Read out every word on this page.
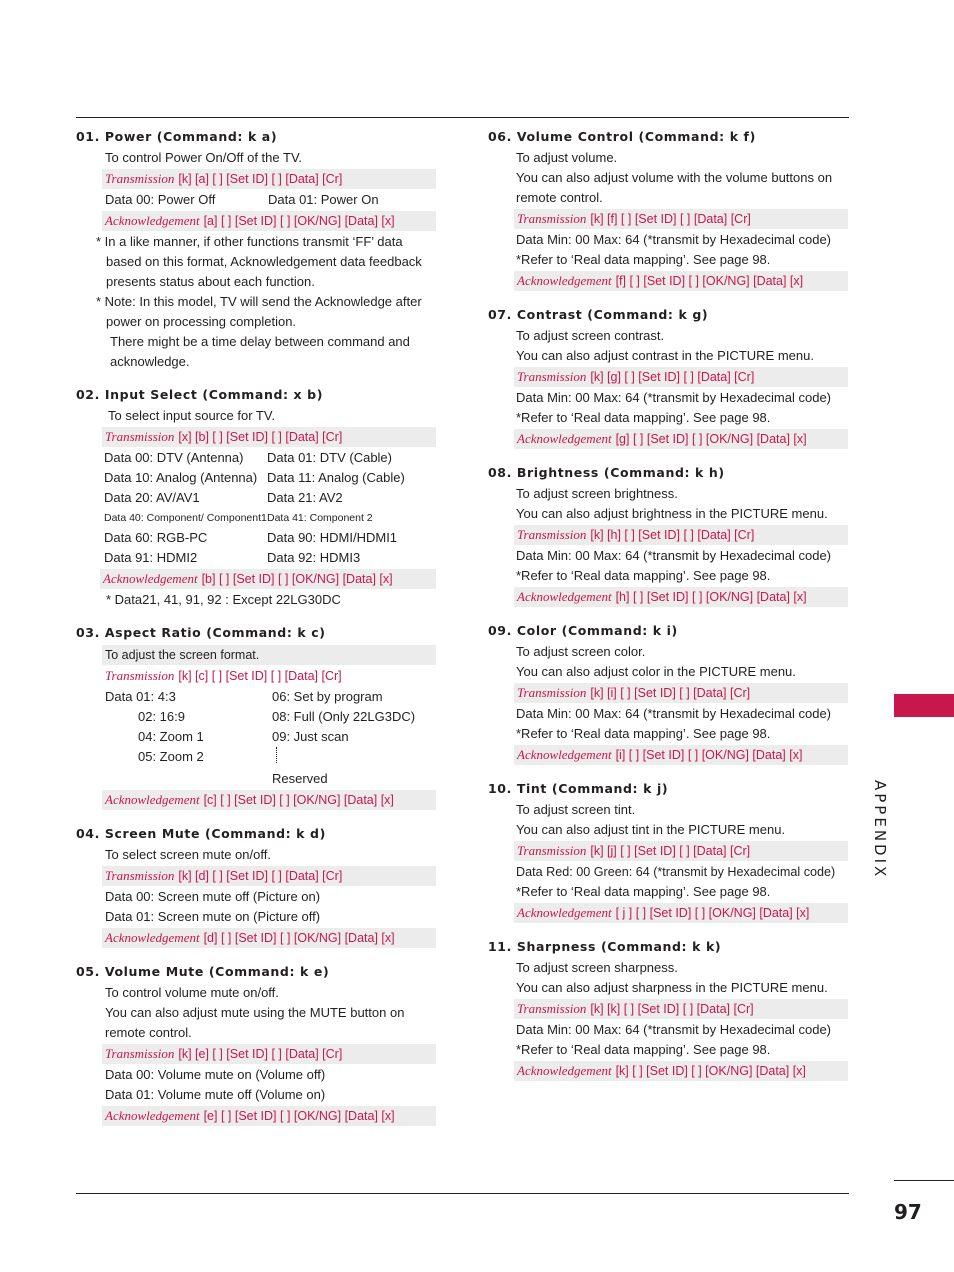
01. Power (Command: k a)
To control Power On/Off of the TV.
Transmission [k] [a] [ ] [Set ID] [ ] [Data] [Cr]
Data 00: Power Off	Data 01: Power On
Acknowledgement [a] [ ] [Set ID] [ ] [OK/NG] [Data] [x]
* In a like manner, if other functions transmit ‘FF’ data based on this format, Acknowledgement data feedback presents status about each function.
* Note: In this model, TV will send the Acknowledge after power on processing completion.
There might be a time delay between command and acknowledge.
02. Input Select (Command: x b)
To select input source for TV.
Transmission [x] [b] [ ] [Set ID] [ ] [Data] [Cr]
Data 00: DTV (Antenna)	Data 01: DTV (Cable)
Data 10: Analog (Antenna) Data 11: Analog (Cable)
Data 20: AV/AV1	Data 21: AV2
Data 40: Component/ Component1 Data 41: Component 2
Data 60: RGB-PC	Data 90: HDMI/HDMI1
Data 91: HDMI2	Data 92: HDMI3
Acknowledgement [b] [ ] [Set ID] [ ] [OK/NG] [Data] [x]
* Data21, 41, 91, 92 : Except 22LG30DC
03. Aspect Ratio (Command: k c)
To adjust the screen format.
Transmission [k] [c] [ ] [Set ID] [ ] [Data] [Cr]
Data 01: 4:3	06: Set by program
02: 16:9	08: Full (Only 22LG3DC)
04: Zoom 1	09: Just scan
05: Zoom 2
Reserved
Acknowledgement [c] [ ] [Set ID] [ ] [OK/NG] [Data] [x]
04. Screen Mute (Command: k d)
To select screen mute on/off.
Transmission [k] [d] [ ] [Set ID] [ ] [Data] [Cr]
Data 00: Screen mute off (Picture on)
Data 01: Screen mute on (Picture off)
Acknowledgement [d] [ ] [Set ID] [ ] [OK/NG] [Data] [x]
05. Volume Mute (Command: k e)
To control volume mute on/off.
You can also adjust mute using the MUTE button on remote control.
Transmission [k] [e] [ ] [Set ID] [ ] [Data] [Cr]
Data 00: Volume mute on (Volume off)
Data 01: Volume mute off (Volume on)
Acknowledgement [e] [ ] [Set ID] [ ] [OK/NG] [Data] [x]
06. Volume Control (Command: k f)
To adjust volume.
You can also adjust volume with the volume buttons on remote control.
Transmission [k] [f] [ ] [Set ID] [ ] [Data] [Cr]
Data Min: 00 Max: 64 (*transmit by Hexadecimal code)
*Refer to ‘Real data mapping’. See page 98.
Acknowledgement [f] [ ] [Set ID] [ ] [OK/NG] [Data] [x]
07. Contrast (Command: k g)
To adjust screen contrast.
You can also adjust contrast in the PICTURE menu.
Transmission [k] [g] [ ] [Set ID] [ ] [Data] [Cr]
Data Min: 00 Max: 64 (*transmit by Hexadecimal code)
*Refer to ‘Real data mapping’. See page 98.
Acknowledgement [g] [ ] [Set ID] [ ] [OK/NG] [Data] [x]
08. Brightness (Command: k h)
To adjust screen brightness.
You can also adjust brightness in the PICTURE menu.
Transmission [k] [h] [ ] [Set ID] [ ] [Data] [Cr]
Data Min: 00 Max: 64 (*transmit by Hexadecimal code)
*Refer to ‘Real data mapping’. See page 98.
Acknowledgement [h] [ ] [Set ID] [ ] [OK/NG] [Data] [x]
09. Color (Command: k i)
To adjust screen color.
You can also adjust color in the PICTURE menu.
Transmission [k] [i] [ ] [Set ID] [ ] [Data] [Cr]
Data Min: 00 Max: 64 (*transmit by Hexadecimal code)
*Refer to ‘Real data mapping’. See page 98.
Acknowledgement [i] [ ] [Set ID] [ ] [OK/NG] [Data] [x]
10. Tint (Command: k j)
To adjust screen tint.
You can also adjust tint in the PICTURE menu.
Transmission [k] [j] [ ] [Set ID] [ ] [Data] [Cr]
Data Red: 00 Green: 64 (*transmit by Hexadecimal code)
*Refer to ‘Real data mapping’. See page 98.
Acknowledgement [ j ] [ ] [Set ID] [ ] [OK/NG] [Data] [x]
11. Sharpness (Command: k k)
To adjust screen sharpness.
You can also adjust sharpness in the PICTURE menu.
Transmission [k] [k] [ ] [Set ID] [ ] [Data] [Cr]
Data Min: 00 Max: 64 (*transmit by Hexadecimal code)
*Refer to ‘Real data mapping’. See page 98.
Acknowledgement [k] [ ] [Set ID] [ ] [OK/NG] [Data] [x]
APPENDIX
97
